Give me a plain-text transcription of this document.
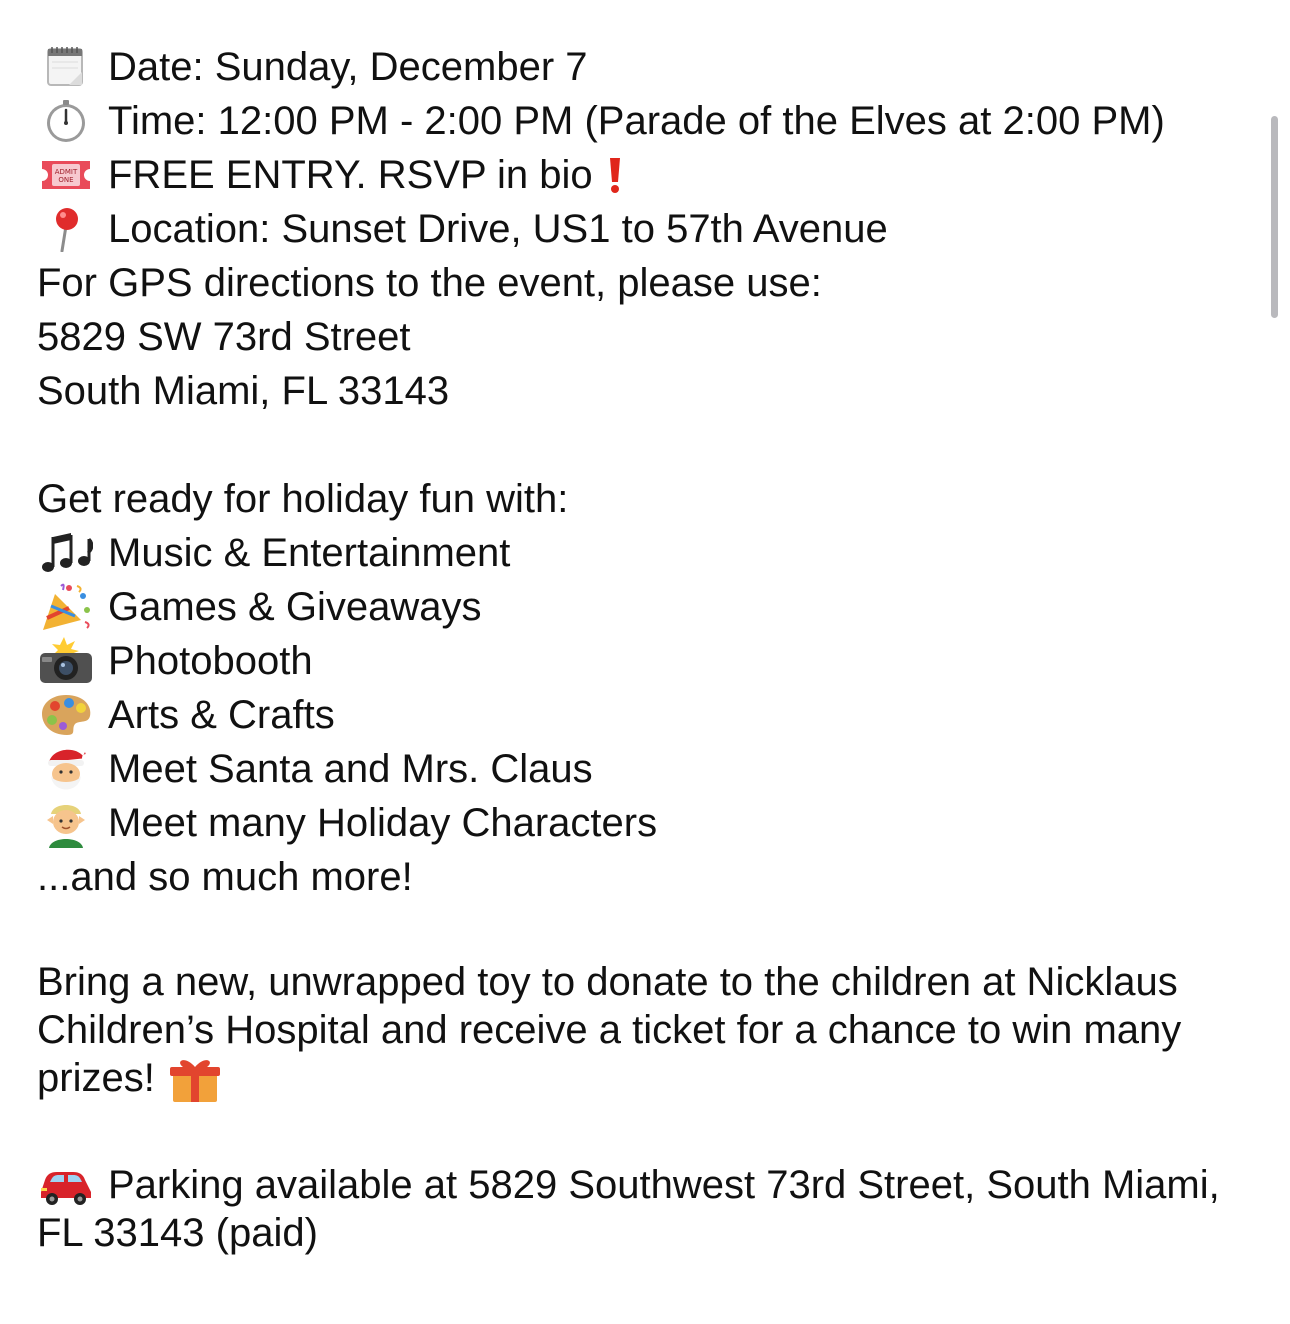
Date: Sunday, December 7
Time: 12:00 PM - 2:00 PM (Parade of the Elves at 2:00 PM)
ADMIT
ONE FREE ENTRY. RSVP in bio
Location: Sunset Drive, US1 to 57th Avenue
For GPS directions to the event, please use:
5829 SW 73rd Street
South Miami, FL 33143
Get ready for holiday fun with:
Music & Entertainment
Games & Giveaways
Photobooth
Arts & Crafts
Meet Santa and Mrs. Claus
Meet many Holiday Characters
...and so much more!

Bring a new, unwrapped toy to donate to the children at Nicklaus Children’s Hospital and receive a ticket for a chance to win many prizes!

Parking available at 5829 Southwest 73rd Street, South Miami, FL 33143 (paid)
